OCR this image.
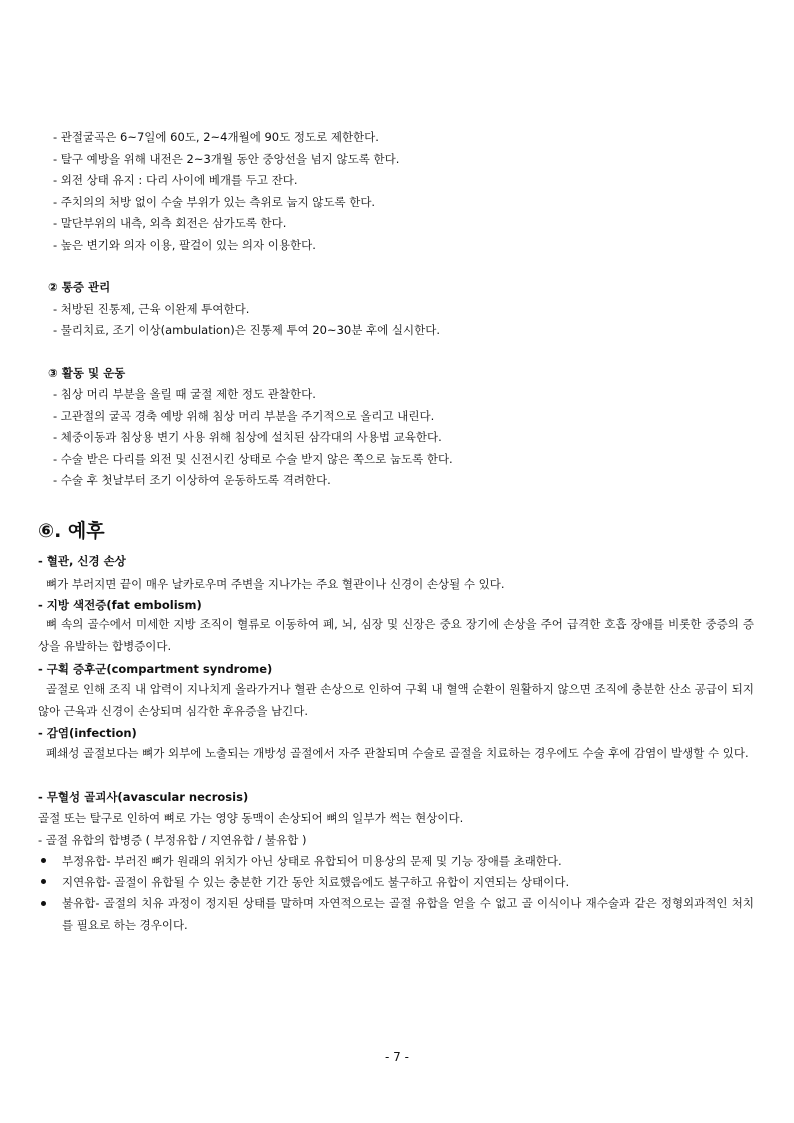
- 관절굴곡은 6~7일에 60도, 2~4개월에 90도 정도로 제한한다.
- 탈구 예방을 위해 내전은 2~3개월 동안 중앙선을 넘지 않도록 한다.
- 외전 상태 유지 : 다리 사이에 베개를 두고 잔다.
- 주치의의 처방 없이 수술 부위가 있는 측위로 눕지 않도록 한다.
- 말단부위의 내측, 외측 회전은 삼가도록 한다.
- 높은 변기와 의자 이용, 팔걸이 있는 의자 이용한다.
② 통증 관리
- 처방된 진통제, 근육 이완제 투여한다.
- 물리치료, 조기 이상(ambulation)은 진통제 투여 20~30분 후에 실시한다.
③ 활동 및 운동
- 침상 머리 부분을 올릴 때 굴절 제한 정도 관찰한다.
- 고관절의 굴곡 경축 예방 위해 침상 머리 부분을 주기적으로 올리고 내린다.
- 체중이동과 침상용 변기 사용 위해 침상에 설치된 삼각대의 사용법 교육한다.
- 수술 받은 다리를 외전 및 신전시킨 상태로 수술 받지 않은 쪽으로 눕도록 한다.
- 수술 후 첫날부터 조기 이상하여 운동하도록 격려한다.
⑥. 예후
- 혈관, 신경 손상
뼈가 부러지면 끝이 매우 날카로우며 주변을 지나가는 주요 혈관이나 신경이 손상될 수 있다.
- 지방 색전증(fat embolism)
뼈 속의 골수에서 미세한 지방 조직이 혈류로 이동하여 폐, 뇌, 심장 및 신장은 중요 장기에 손상을 주어 급격한 호흡 장애를 비롯한 중증의 증상을 유발하는 합병증이다.
- 구획 증후군(compartment syndrome)
골절로 인해 조직 내 압력이 지나치게 올라가거나 혈관 손상으로 인하여 구획 내 혈액 순환이 원활하지 않으면 조직에 충분한 산소 공급이 되지 않아 근육과 신경이 손상되며 심각한 후유증을 남긴다.
- 감염(infection)
폐쇄성 골절보다는 뼈가 외부에 노출되는 개방성 골절에서 자주 관찰되며 수술로 골절을 치료하는 경우에도 수술 후에 감염이 발생할 수 있다.
- 무혈성 골괴사(avascular necrosis)
골절 또는 탈구로 인하여 뼈로 가는 영양 동맥이 손상되어 뼈의 일부가 썩는 현상이다.
- 골절 유합의 합병증 ( 부정유합 / 지연유합 / 불유합 )
부정유합- 부러진 뼈가 원래의 위치가 아닌 상태로 유합되어 미용상의 문제 및 기능 장애를 초래한다.
지연유합- 골절이 유합될 수 있는 충분한 기간 동안 치료했음에도 불구하고 유합이 지연되는 상태이다.
불유합- 골절의 치유 과정이 정지된 상태를 말하며 자연적으로는 골절 유합을 얻을 수 없고 골 이식이나 재수술과 같은 정형외과적인 처치를 필요로 하는 경우이다.
- 7 -
